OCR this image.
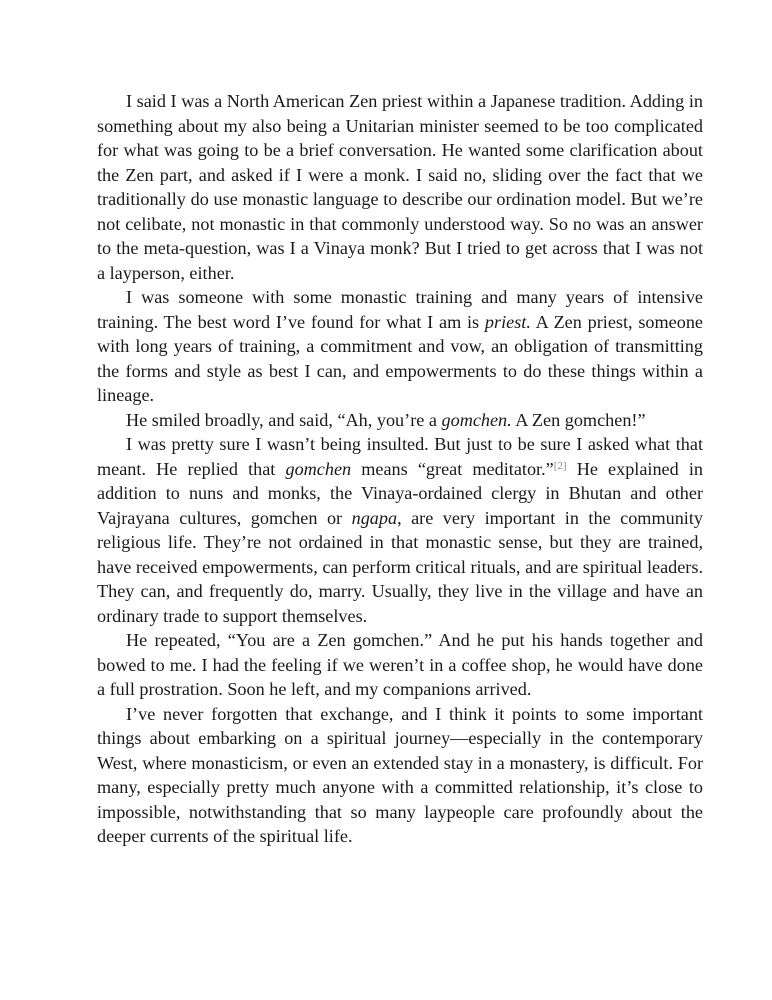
I said I was a North American Zen priest within a Japanese tradition. Adding in something about my also being a Unitarian minister seemed to be too complicated for what was going to be a brief conversation. He wanted some clarification about the Zen part, and asked if I were a monk. I said no, sliding over the fact that we traditionally do use monastic language to describe our ordination model. But we’re not celibate, not monastic in that commonly understood way. So no was an answer to the meta-question, was I a Vinaya monk? But I tried to get across that I was not a layperson, either.

I was someone with some monastic training and many years of intensive training. The best word I’ve found for what I am is priest. A Zen priest, someone with long years of training, a commitment and vow, an obligation of transmitting the forms and style as best I can, and empowerments to do these things within a lineage.

He smiled broadly, and said, “Ah, you’re a gomchen. A Zen gomchen!”

I was pretty sure I wasn’t being insulted. But just to be sure I asked what that meant. He replied that gomchen means “great meditator.”[2] He explained in addition to nuns and monks, the Vinaya-ordained clergy in Bhutan and other Vajrayana cultures, gomchen or ngapa, are very important in the community religious life. They’re not ordained in that monastic sense, but they are trained, have received empowerments, can perform critical rituals, and are spiritual leaders. They can, and frequently do, marry. Usually, they live in the village and have an ordinary trade to support themselves.

He repeated, “You are a Zen gomchen.” And he put his hands together and bowed to me. I had the feeling if we weren’t in a coffee shop, he would have done a full prostration. Soon he left, and my companions arrived.

I’ve never forgotten that exchange, and I think it points to some important things about embarking on a spiritual journey—especially in the contemporary West, where monasticism, or even an extended stay in a monastery, is difficult. For many, especially pretty much anyone with a committed relationship, it’s close to impossible, notwithstanding that so many laypeople care profoundly about the deeper currents of the spiritual life.
